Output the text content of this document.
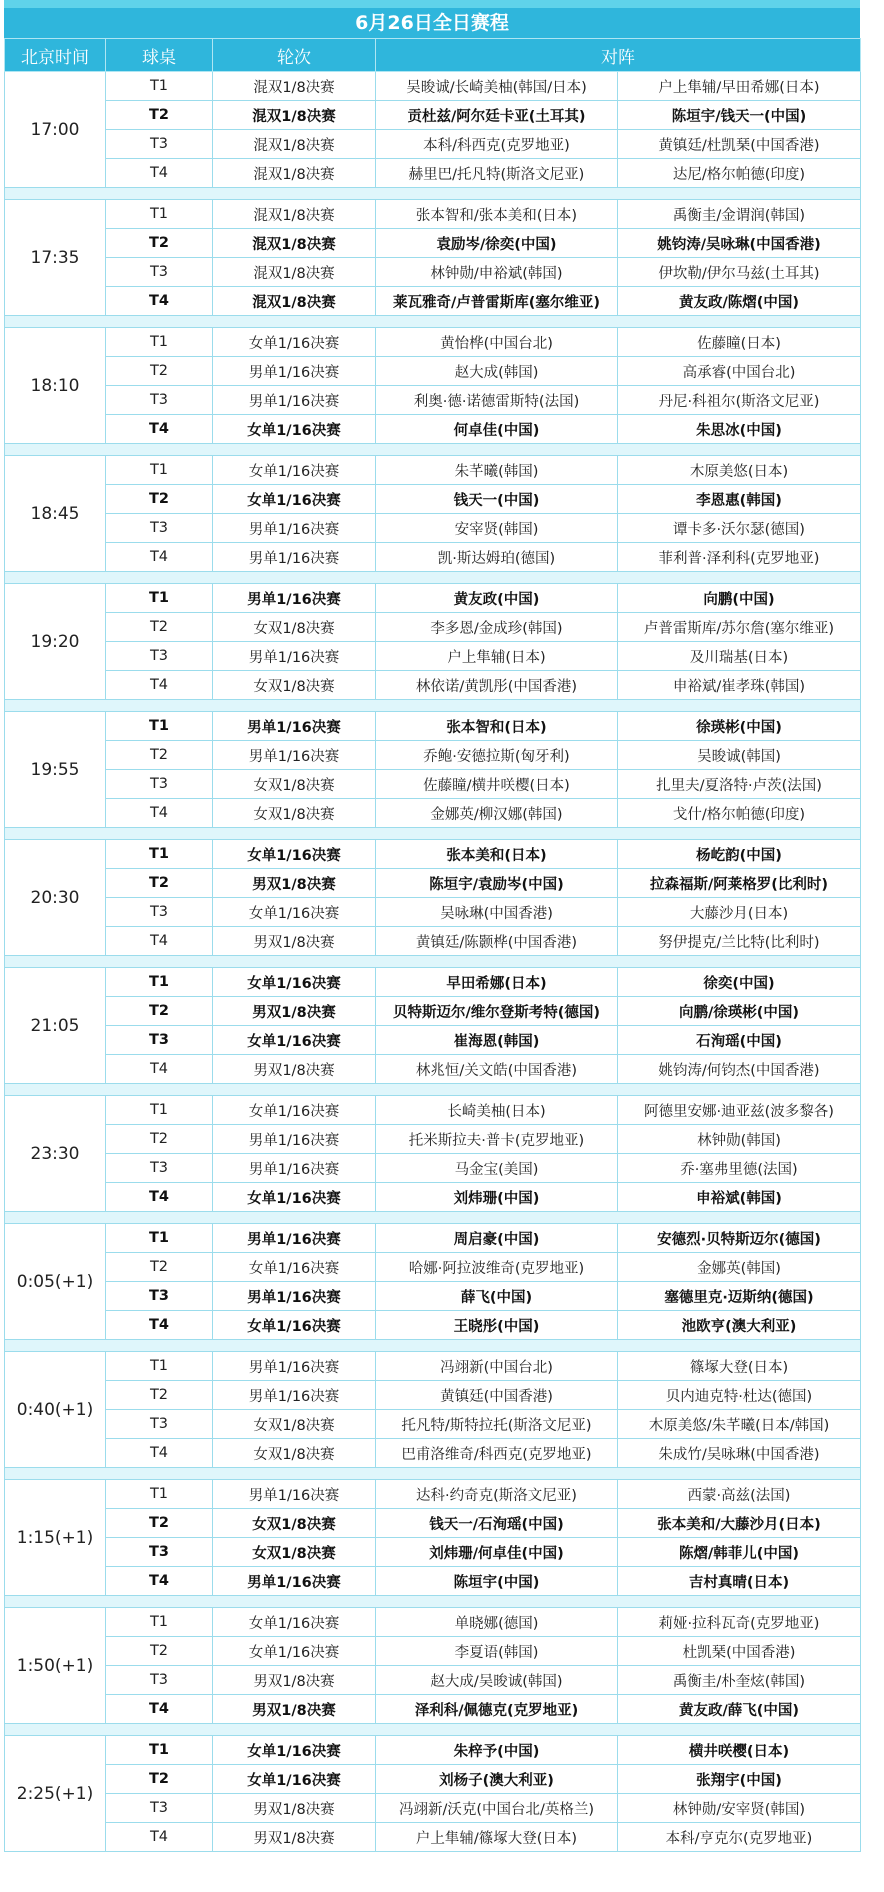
6月26日全日赛程
北京时间	球桌	轮次	对阵	
17:00	T1	混双1/8决赛	吴晙诚/长崎美柚(韩国/日本)	户上隼辅/早田希娜(日本)
	T2	混双1/8决赛	贡杜兹/阿尔廷卡亚(土耳其)	陈垣宇/钱天一(中国)
	T3	混双1/8决赛	本科/科西克(克罗地亚)	黄镇廷/杜凯琹(中国香港)
	T4	混双1/8决赛	赫里巴/托凡特(斯洛文尼亚)	达尼/格尔帕德(印度)

17:35	T1	混双1/8决赛	张本智和/张本美和(日本)	禹衡圭/金谓润(韩国)
	T2	混双1/8决赛	袁励岑/徐奕(中国)	姚钧涛/吴咏琳(中国香港)
	T3	混双1/8决赛	林钟勋/申裕斌(韩国)	伊坎勒/伊尔马兹(土耳其)
	T4	混双1/8决赛	莱瓦雅奇/卢普雷斯库(塞尔维亚)	黄友政/陈熠(中国)

18:10	T1	女单1/16决赛	黄怡桦(中国台北)	佐藤瞳(日本)
	T2	男单1/16决赛	赵大成(韩国)	高承睿(中国台北)
	T3	男单1/16决赛	利奥·德·诺德雷斯特(法国)	丹尼·科祖尔(斯洛文尼亚)
	T4	女单1/16决赛	何卓佳(中国)	朱思冰(中国)

18:45	T1	女单1/16决赛	朱芊曦(韩国)	木原美悠(日本)
	T2	女单1/16决赛	钱天一(中国)	李恩惠(韩国)
	T3	男单1/16决赛	安宰贤(韩国)	谭卡多·沃尔瑟(德国)
	T4	男单1/16决赛	凯·斯达姆珀(德国)	菲利普·泽利科(克罗地亚)

19:20	T1	男单1/16决赛	黄友政(中国)	向鹏(中国)
	T2	女双1/8决赛	李多恩/金成珍(韩国)	卢普雷斯库/苏尔詹(塞尔维亚)
	T3	男单1/16决赛	户上隼辅(日本)	及川瑞基(日本)
	T4	女双1/8决赛	林依诺/黄凯彤(中国香港)	申裕斌/崔孝珠(韩国)

19:55	T1	男单1/16决赛	张本智和(日本)	徐瑛彬(中国)
	T2	男单1/16决赛	乔鲍·安德拉斯(匈牙利)	吴晙诚(韩国)
	T3	女双1/8决赛	佐藤瞳/横井咲樱(日本)	扎里夫/夏洛特·卢茨(法国)
	T4	女双1/8决赛	金娜英/柳汉娜(韩国)	戈什/格尔帕德(印度)

20:30	T1	女单1/16决赛	张本美和(日本)	杨屹韵(中国)
	T2	男双1/8决赛	陈垣宇/袁励岑(中国)	拉森福斯/阿莱格罗(比利时)
	T3	女单1/16决赛	吴咏琳(中国香港)	大藤沙月(日本)
	T4	男双1/8决赛	黄镇廷/陈颢桦(中国香港)	努伊提克/兰比特(比利时)

21:05	T1	女单1/16决赛	早田希娜(日本)	徐奕(中国)
	T2	男双1/8决赛	贝特斯迈尔/维尔登斯考特(德国)	向鹏/徐瑛彬(中国)
	T3	女单1/16决赛	崔海恩(韩国)	石洵瑶(中国)
	T4	男双1/8决赛	林兆恒/关文皓(中国香港)	姚钧涛/何钧杰(中国香港)

23:30	T1	女单1/16决赛	长崎美柚(日本)	阿德里安娜·迪亚兹(波多黎各)
	T2	男单1/16决赛	托米斯拉夫·普卡(克罗地亚)	林钟勋(韩国)
	T3	男单1/16决赛	马金宝(美国)	乔·塞弗里德(法国)
	T4	女单1/16决赛	刘炜珊(中国)	申裕斌(韩国)

0:05(+1)	T1	男单1/16决赛	周启豪(中国)	安德烈·贝特斯迈尔(德国)
	T2	女单1/16决赛	哈娜·阿拉波维奇(克罗地亚)	金娜英(韩国)
	T3	男单1/16决赛	薛飞(中国)	塞德里克·迈斯纳(德国)
	T4	女单1/16决赛	王晓彤(中国)	池欧亨(澳大利亚)

0:40(+1)	T1	男单1/16决赛	冯翊新(中国台北)	篠塚大登(日本)
	T2	男单1/16决赛	黄镇廷(中国香港)	贝内迪克特·杜达(德国)
	T3	女双1/8决赛	托凡特/斯特拉托(斯洛文尼亚)	木原美悠/朱芊曦(日本/韩国)
	T4	女双1/8决赛	巴甫洛维奇/科西克(克罗地亚)	朱成竹/吴咏琳(中国香港)

1:15(+1)	T1	男单1/16决赛	达科·约奇克(斯洛文尼亚)	西蒙·高兹(法国)
	T2	女双1/8决赛	钱天一/石洵瑶(中国)	张本美和/大藤沙月(日本)
	T3	女双1/8决赛	刘炜珊/何卓佳(中国)	陈熠/韩菲儿(中国)
	T4	男单1/16决赛	陈垣宇(中国)	吉村真晴(日本)

1:50(+1)	T1	女单1/16决赛	单晓娜(德国)	莉娅·拉科瓦奇(克罗地亚)
	T2	女单1/16决赛	李夏语(韩国)	杜凯琹(中国香港)
	T3	男双1/8决赛	赵大成/吴晙诚(韩国)	禹衡圭/朴奎炫(韩国)
	T4	男双1/8决赛	泽利科/佩德克(克罗地亚)	黄友政/薛飞(中国)

2:25(+1)	T1	女单1/16决赛	朱梓予(中国)	横井咲樱(日本)
	T2	女单1/16决赛	刘杨子(澳大利亚)	张翔宇(中国)
	T3	男双1/8决赛	冯翊新/沃克(中国台北/英格兰)	林钟勋/安宰贤(韩国)
	T4	男双1/8决赛	户上隼辅/篠塚大登(日本)	本科/亨克尔(克罗地亚)
